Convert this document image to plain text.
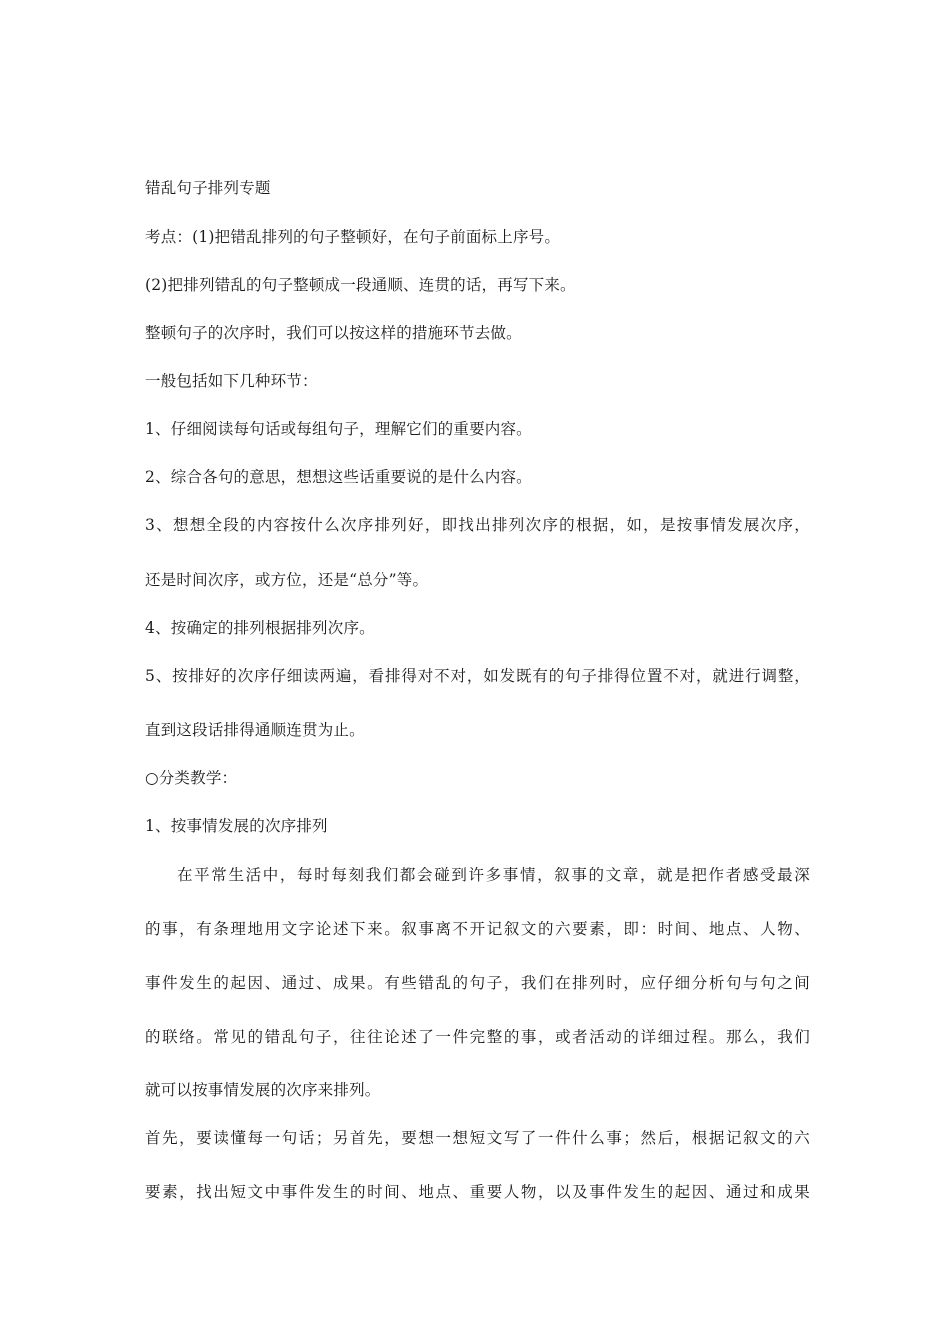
错乱句子排列专题
考点：(1)把错乱排列的句子整顿好，在句子前面标上序号。
(2)把排列错乱的句子整顿成一段通顺、连贯的话，再写下来。
整顿句子的次序时，我们可以按这样的措施环节去做。
一般包括如下几种环节：
1、仔细阅读每句话或每组句子，理解它们的重要内容。
2、综合各句的意思，想想这些话重要说的是什么内容。
3、想想全段的内容按什么次序排列好，即找出排列次序的根据，如，是按事情发展次序，
还是时间次序，或方位，还是“总分”等。
4、按确定的排列根据排列次序。
5、按排好的次序仔细读两遍，看排得对不对，如发既有的句子排得位置不对，就进行调整，
直到这段话排得通顺连贯为止。
○分类教学：
1、按事情发展的次序排列
在平常生活中，每时每刻我们都会碰到许多事情，叙事的文章，就是把作者感受最深
的事，有条理地用文字论述下来。叙事离不开记叙文的六要素，即：时间、地点、人物、
事件发生的起因、通过、成果。有些错乱的句子，我们在排列时，应仔细分析句与句之间
的联络。常见的错乱句子，往往论述了一件完整的事，或者活动的详细过程。那么，我们
就可以按事情发展的次序来排列。
首先，要读懂每一句话；另首先，要想一想短文写了一件什么事；然后，根据记叙文的六
要素，找出短文中事件发生的时间、地点、重要人物，以及事件发生的起因、通过和成果
